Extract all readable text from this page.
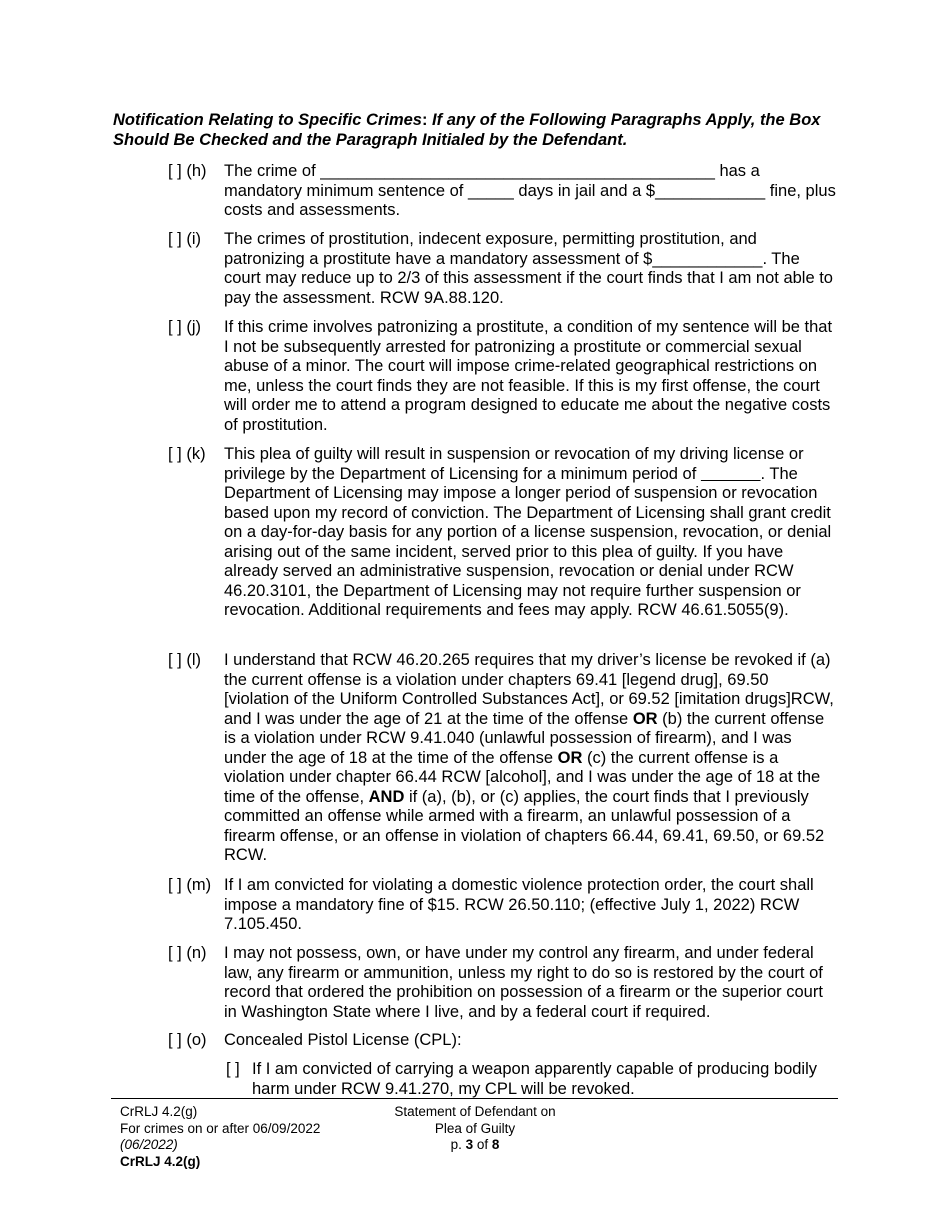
Notification Relating to Specific Crimes: If any of the Following Paragraphs Apply, the Box Should Be Checked and the Paragraph Initialed by the Defendant.
[ ] (h) The crime of ___________________________________________ has a mandatory minimum sentence of _____ days in jail and a $____________ fine, plus costs and assessments.
[ ] (i) The crimes of prostitution, indecent exposure, permitting prostitution, and patronizing a prostitute have a mandatory assessment of $____________. The court may reduce up to 2/3 of this assessment if the court finds that I am not able to pay the assessment. RCW 9A.88.120.
[ ] (j) If this crime involves patronizing a prostitute, a condition of my sentence will be that I not be subsequently arrested for patronizing a prostitute or commercial sexual abuse of a minor. The court will impose crime-related geographical restrictions on me, unless the court finds they are not feasible. If this is my first offense, the court will order me to attend a program designed to educate me about the negative costs of prostitution.
[ ] (k) This plea of guilty will result in suspension or revocation of my driving license or privilege by the Department of Licensing for a minimum period of	. The Department of Licensing may impose a longer period of suspension or revocation based upon my record of conviction. The Department of Licensing shall grant credit on a day-for-day basis for any portion of a license suspension, revocation, or denial arising out of the same incident, served prior to this plea of guilty. If you have already served an administrative suspension, revocation or denial under RCW 46.20.3101, the Department of Licensing may not require further suspension or revocation. Additional requirements and fees may apply. RCW 46.61.5055(9).
[ ] (l) I understand that RCW 46.20.265 requires that my driver’s license be revoked if (a) the current offense is a violation under chapters 69.41 [legend drug], 69.50 [violation of the Uniform Controlled Substances Act], or 69.52 [imitation drugs]RCW, and I was under the age of 21 at the time of the offense OR (b) the current offense is a violation under RCW 9.41.040 (unlawful possession of firearm), and I was under the age of 18 at the time of the offense OR (c) the current offense is a violation under chapter 66.44 RCW [alcohol], and I was under the age of 18 at the time of the offense, AND if (a), (b), or (c) applies, the court finds that I previously committed an offense while armed with a firearm, an unlawful possession of a firearm offense, or an offense in violation of chapters 66.44, 69.41, 69.50, or 69.52 RCW.
[ ] (m) If I am convicted for violating a domestic violence protection order, the court shall impose a mandatory fine of $15. RCW 26.50.110; (effective July 1, 2022) RCW 7.105.450.
[ ] (n) I may not possess, own, or have under my control any firearm, and under federal law, any firearm or ammunition, unless my right to do so is restored by the court of record that ordered the prohibition on possession of a firearm or the superior court in Washington State where I live, and by a federal court if required.
[ ] (o) Concealed Pistol License (CPL):
[ ] If I am convicted of carrying a weapon apparently capable of producing bodily harm under RCW 9.41.270, my CPL will be revoked.
CrRLJ 4.2(g)
For crimes on or after 06/09/2022
(06/2022)
CrRLJ 4.2(g)
Statement of Defendant on
Plea of Guilty
p. 3 of 8
